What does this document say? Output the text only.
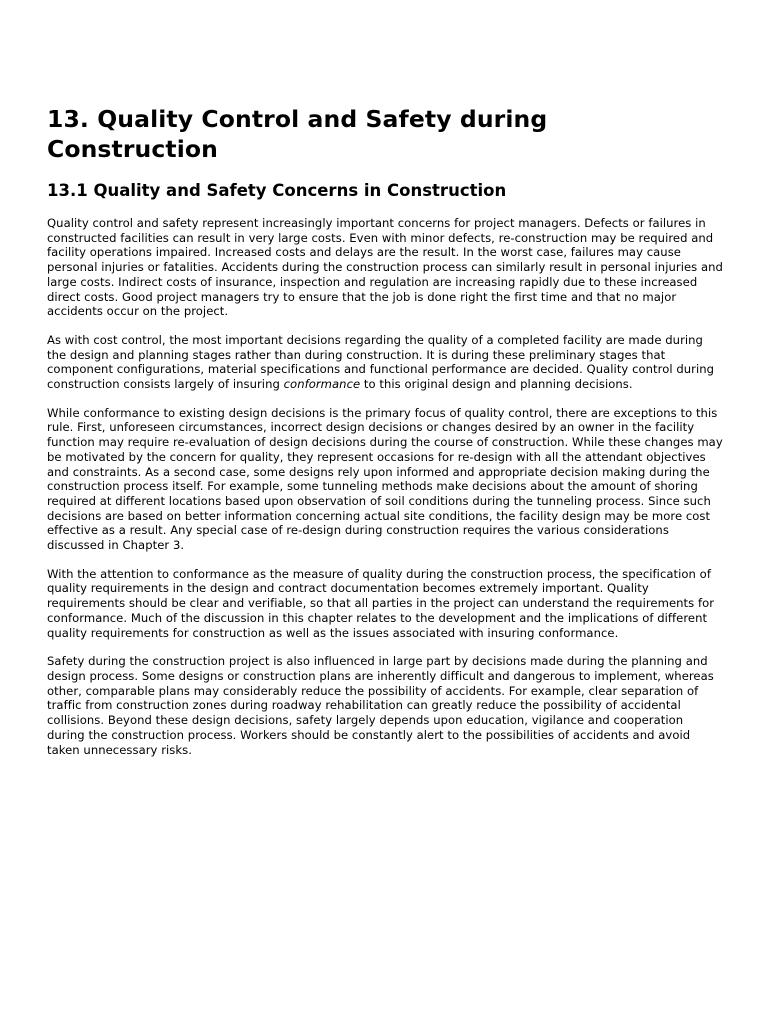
13. Quality Control and Safety during Construction
13.1 Quality and Safety Concerns in Construction

Quality control and safety represent increasingly important concerns for project managers. Defects or failures in constructed facilities can result in very large costs. Even with minor defects, re-construction may be required and facility operations impaired. Increased costs and delays are the result. In the worst case, failures may cause personal injuries or fatalities. Accidents during the construction process can similarly result in personal injuries and large costs. Indirect costs of insurance, inspection and regulation are increasing rapidly due to these increased direct costs. Good project managers try to ensure that the job is done right the first time and that no major accidents occur on the project.

As with cost control, the most important decisions regarding the quality of a completed facility are made during the design and planning stages rather than during construction. It is during these preliminary stages that component configurations, material specifications and functional performance are decided. Quality control during construction consists largely of insuring conformance to this original design and planning decisions.

While conformance to existing design decisions is the primary focus of quality control, there are exceptions to this rule. First, unforeseen circumstances, incorrect design decisions or changes desired by an owner in the facility function may require re-evaluation of design decisions during the course of construction. While these changes may be motivated by the concern for quality, they represent occasions for re-design with all the attendant objectives and constraints. As a second case, some designs rely upon informed and appropriate decision making during the construction process itself. For example, some tunneling methods make decisions about the amount of shoring required at different locations based upon observation of soil conditions during the tunneling process. Since such decisions are based on better information concerning actual site conditions, the facility design may be more cost effective as a result. Any special case of re-design during construction requires the various considerations discussed in Chapter 3.

With the attention to conformance as the measure of quality during the construction process, the specification of quality requirements in the design and contract documentation becomes extremely important. Quality requirements should be clear and verifiable, so that all parties in the project can understand the requirements for conformance. Much of the discussion in this chapter relates to the development and the implications of different quality requirements for construction as well as the issues associated with insuring conformance.

Safety during the construction project is also influenced in large part by decisions made during the planning and design process. Some designs or construction plans are inherently difficult and dangerous to implement, whereas other, comparable plans may considerably reduce the possibility of accidents. For example, clear separation of traffic from construction zones during roadway rehabilitation can greatly reduce the possibility of accidental collisions. Beyond these design decisions, safety largely depends upon education, vigilance and cooperation during the construction process. Workers should be constantly alert to the possibilities of accidents and avoid taken unnecessary risks.
